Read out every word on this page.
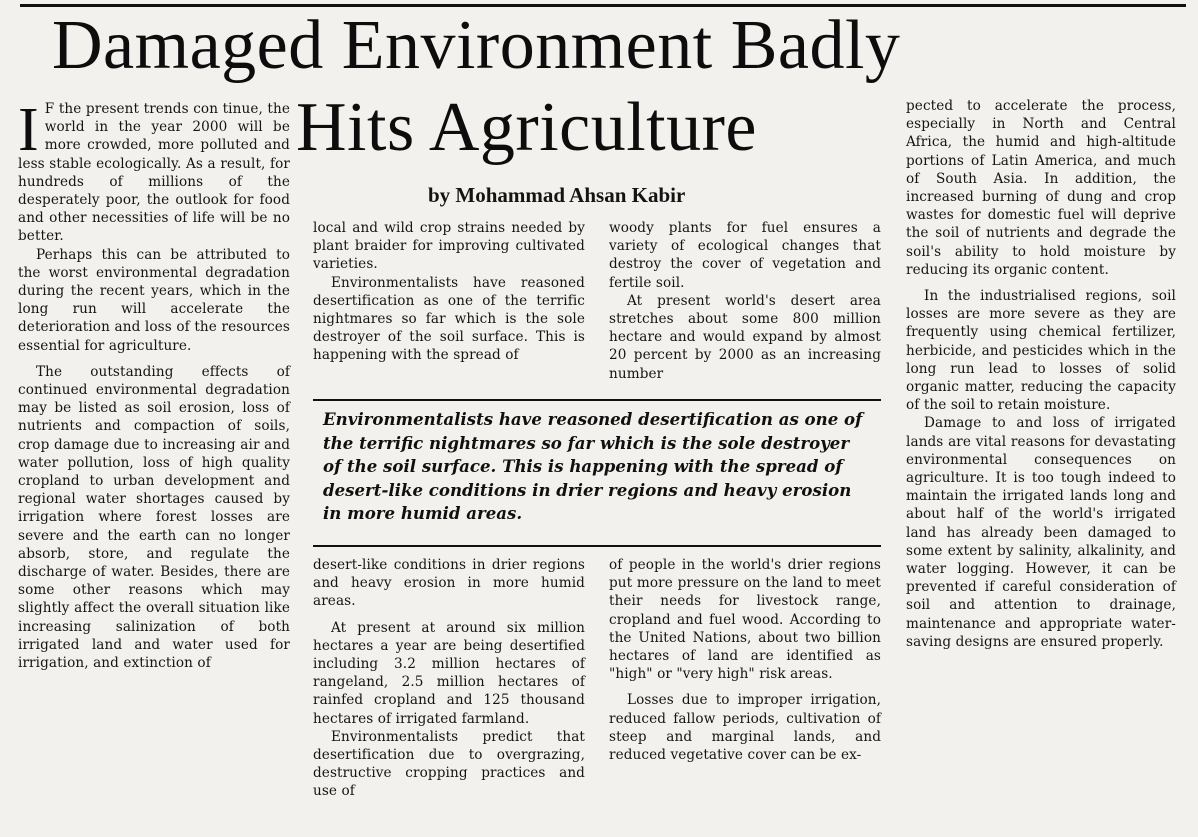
Damaged Environment Badly
Hits Agriculture
by Mohammad Ahsan Kabir

I F the present trends con tinue, the world in the year 2000 will be more crowded, more polluted and less stable ecologically. As a result, for hundreds of millions of the desperately poor, the outlook for food and other necessities of life will be no better.

Perhaps this can be attributed to the worst environmental degradation during the recent years, which in the long run will accelerate the deterioration and loss of the resources essential for agriculture.

The outstanding effects of continued environmental degradation may be listed as soil erosion, loss of nutrients and compaction of soils, crop damage due to increasing air and water pollution, loss of high quality cropland to urban development and regional water shortages caused by irrigation where forest losses are severe and the earth can no longer absorb, store, and regulate the discharge of water. Besides, there are some other reasons which may slightly affect the overall situation like increasing salinization of both irrigated land and water used for irrigation, and extinction of

local and wild crop strains needed by plant braider for improving cultivated varieties.

Environmentalists have reasoned desertification as one of the terrific nightmares so far which is the sole destroyer of the soil surface. This is happening with the spread of

woody plants for fuel ensures a variety of ecological changes that destroy the cover of vegetation and fertile soil.

At present world's desert area stretches about some 800 million hectare and would expand by almost 20 percent by 2000 as an increasing number

Environmentalists have reasoned desertification as one of the terrific nightmares so far which is the sole destroyer of the soil surface. This is happening with the spread of desert-like conditions in drier regions and heavy erosion in more humid areas.

desert-like conditions in drier regions and heavy erosion in more humid areas.

At present at around six million hectares a year are being desertified including 3.2 million hectares of rangeland, 2.5 million hectares of rainfed cropland and 125 thousand hectares of irrigated farmland.

Environmentalists predict that desertification due to overgrazing, destructive cropping practices and use of

of people in the world's drier regions put more pressure on the land to meet their needs for livestock range, cropland and fuel wood. According to the United Nations, about two billion hectares of land are identified as "high" or "very high" risk areas.

Losses due to improper irrigation, reduced fallow periods, cultivation of steep and marginal lands, and reduced vegetative cover can be ex-

pected to accelerate the process, especially in North and Central Africa, the humid and high-altitude portions of Latin America, and much of South Asia. In addition, the increased burning of dung and crop wastes for domestic fuel will deprive the soil of nutrients and degrade the soil's ability to hold moisture by reducing its organic content.

In the industrialised regions, soil losses are more severe as they are frequently using chemical fertilizer, herbicide, and pesticides which in the long run lead to losses of solid organic matter, reducing the capacity of the soil to retain moisture.

Damage to and loss of irrigated lands are vital reasons for devastating environmental consequences on agriculture. It is too tough indeed to maintain the irrigated lands long and about half of the world's irrigated land has already been damaged to some extent by salinity, alkalinity, and water logging. However, it can be prevented if careful consideration of soil and attention to drainage, maintenance and appropriate water-saving designs are ensured properly.
